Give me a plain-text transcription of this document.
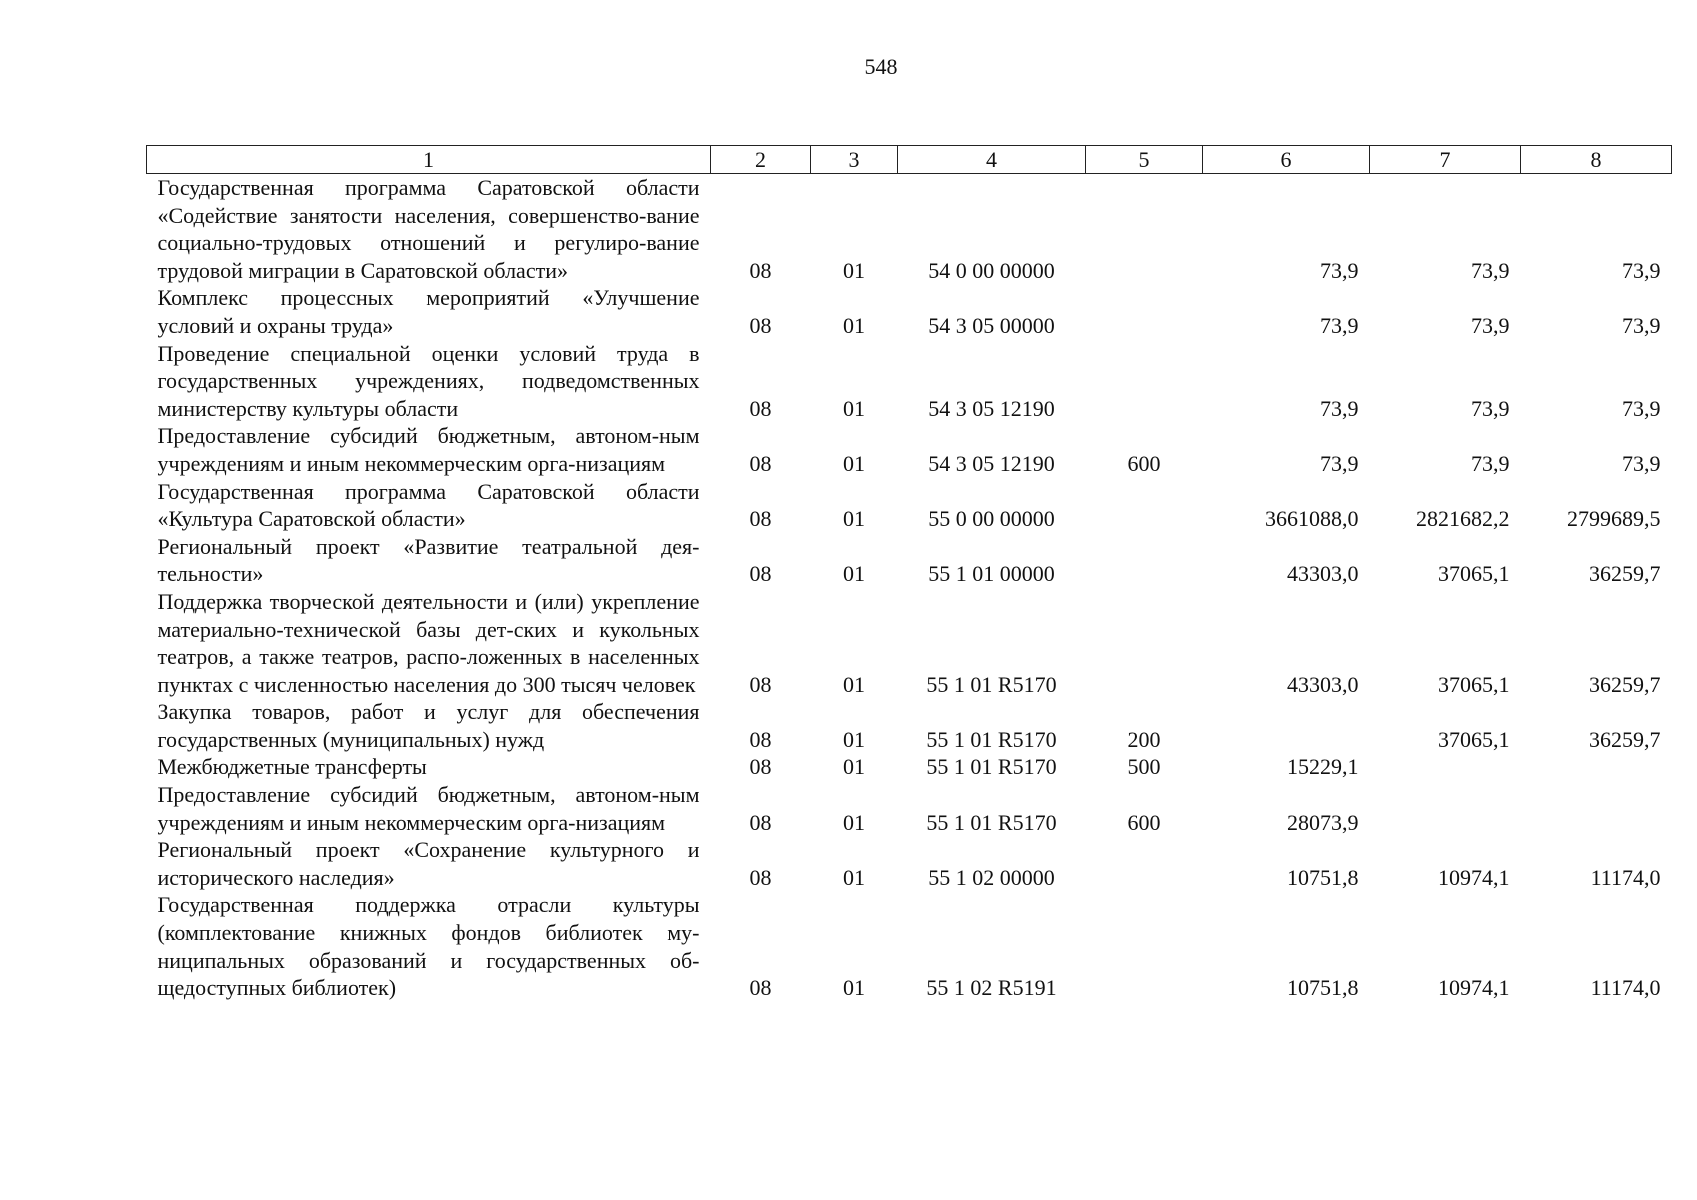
548
1	2	3	4	5	6	7	8
Государственная программа Саратовской области «Содействие занятости населения, совершенство-вание социально-трудовых отношений и регулиро-вание трудовой миграции в Саратовской области»	08	01	54 0 00 00000		73,9	73,9	73,9
Комплекс процессных мероприятий «Улучшение условий и охраны труда»	08	01	54 3 05 00000		73,9	73,9	73,9
Проведение специальной оценки условий труда в государственных учреждениях, подведомственных министерству культуры области	08	01	54 3 05 12190		73,9	73,9	73,9
Предоставление субсидий бюджетным, автоном-ным учреждениям и иным некоммерческим орга-низациям	08	01	54 3 05 12190	600	73,9	73,9	73,9
Государственная программа Саратовской области «Культура Саратовской области»	08	01	55 0 00 00000		3661088,0	2821682,2	2799689,5
Региональный проект «Развитие театральной дея-тельности»	08	01	55 1 01 00000		43303,0	37065,1	36259,7
Поддержка творческой деятельности и (или) укрепление материально-технической базы дет-ских и кукольных театров, а также театров, распо-ложенных в населенных пунктах с численностью населения до 300 тысяч человек	08	01	55 1 01 R5170		43303,0	37065,1	36259,7
Закупка товаров, работ и услуг для обеспечения государственных (муниципальных) нужд	08	01	55 1 01 R5170	200		37065,1	36259,7
Межбюджетные трансферты	08	01	55 1 01 R5170	500	15229,1		
Предоставление субсидий бюджетным, автоном-ным учреждениям и иным некоммерческим орга-низациям	08	01	55 1 01 R5170	600	28073,9		
Региональный проект «Сохранение культурного и исторического наследия»	08	01	55 1 02 00000		10751,8	10974,1	11174,0
Государственная поддержка отрасли культуры (комплектование книжных фондов библиотек му-ниципальных образований и государственных об-щедоступных библиотек)	08	01	55 1 02 R5191		10751,8	10974,1	11174,0
